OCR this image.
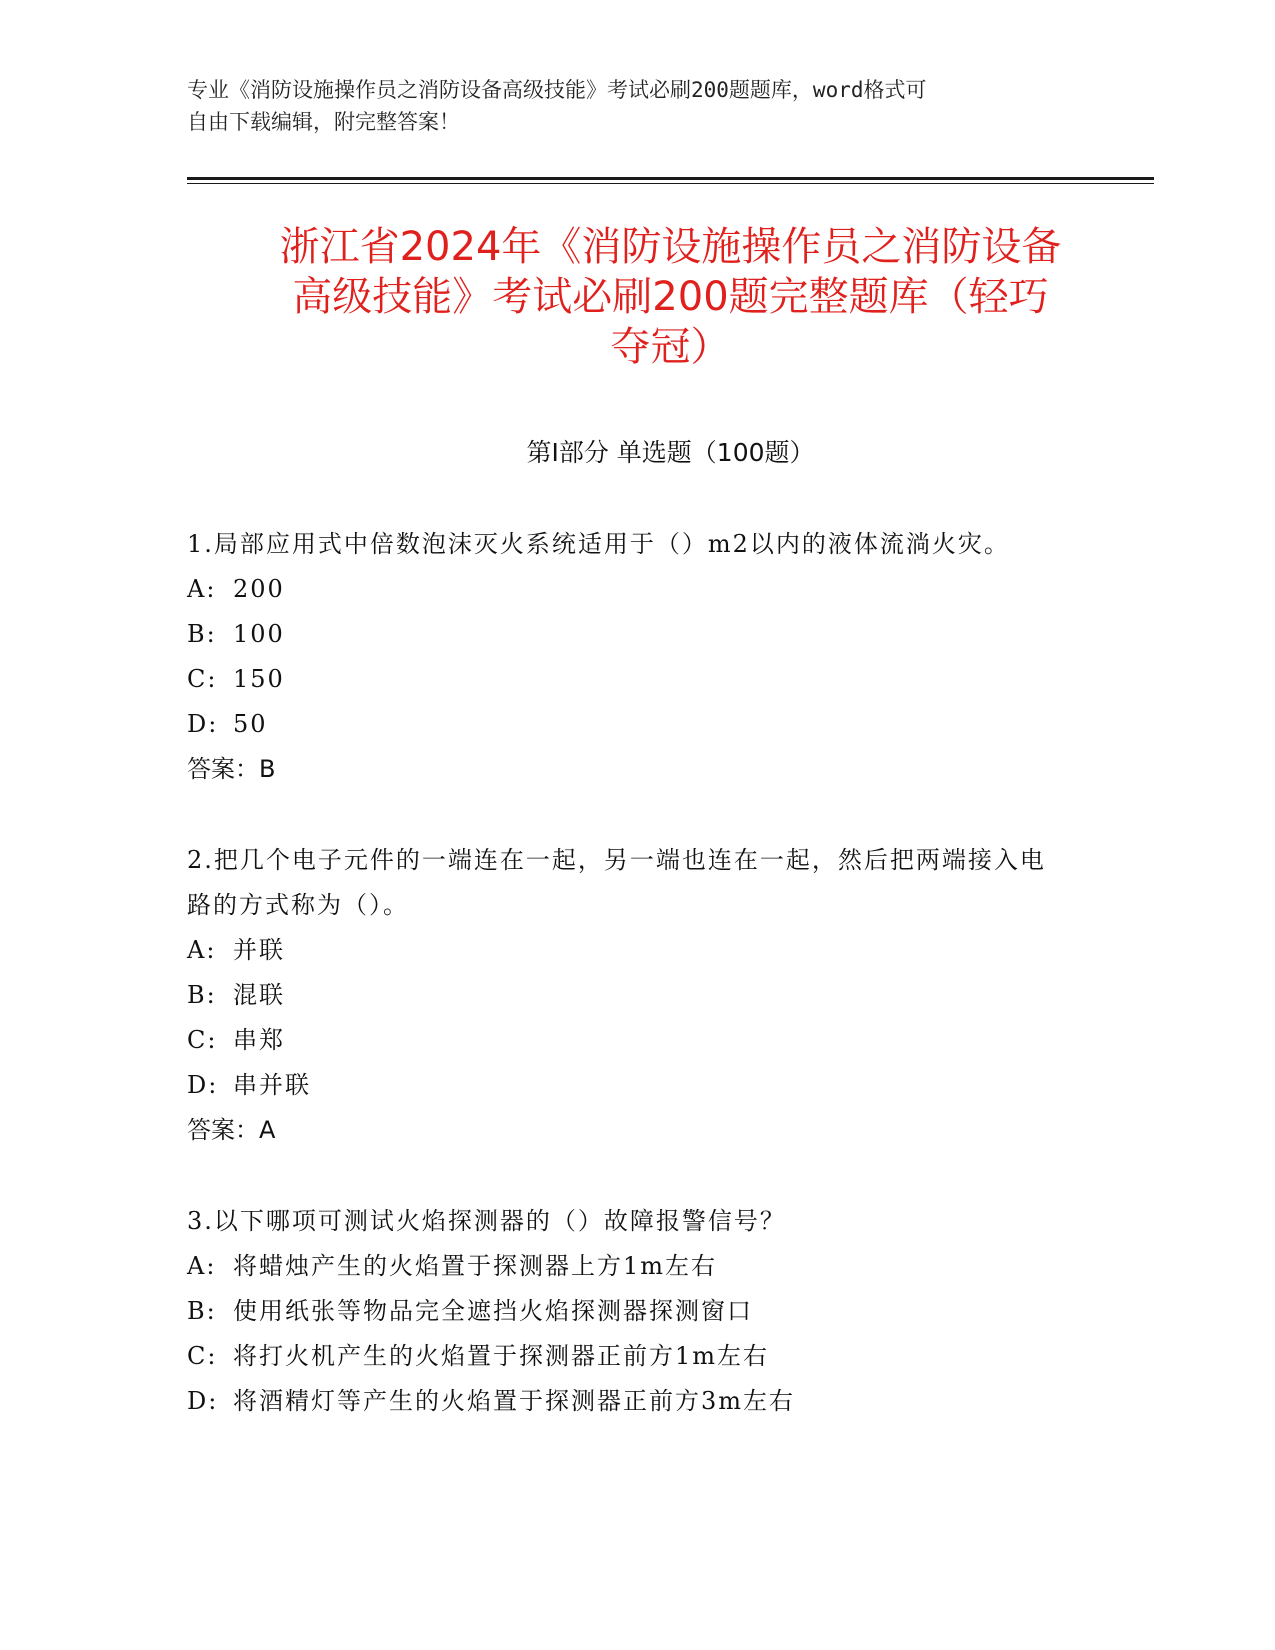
专业《消防设施操作员之消防设备高级技能》考试必刷200题题库，word格式可
自由下载编辑，附完整答案！

浙江省2024年《消防设施操作员之消防设备
高级技能》考试必刷200题完整题库（轻巧
夺冠）
第Ⅰ部分 单选题（100题）

1.局部应用式中倍数泡沫灭火系统适用于（）m2以内的液体流淌火灾。

A: 200
B: 100
C: 150
D: 50

答案：B

2.把几个电子元件的一端连在一起，另一端也连在一起，然后把两端接入电路的方式称为（）。

A: 并联
B: 混联
C: 串郑
D: 串并联

答案：A

3.以下哪项可测试火焰探测器的（）故障报警信号？

A: 将蜡烛产生的火焰置于探测器上方1m左右
B: 使用纸张等物品完全遮挡火焰探测器探测窗口
C: 将打火机产生的火焰置于探测器正前方1m左右
D: 将酒精灯等产生的火焰置于探测器正前方3m左右
